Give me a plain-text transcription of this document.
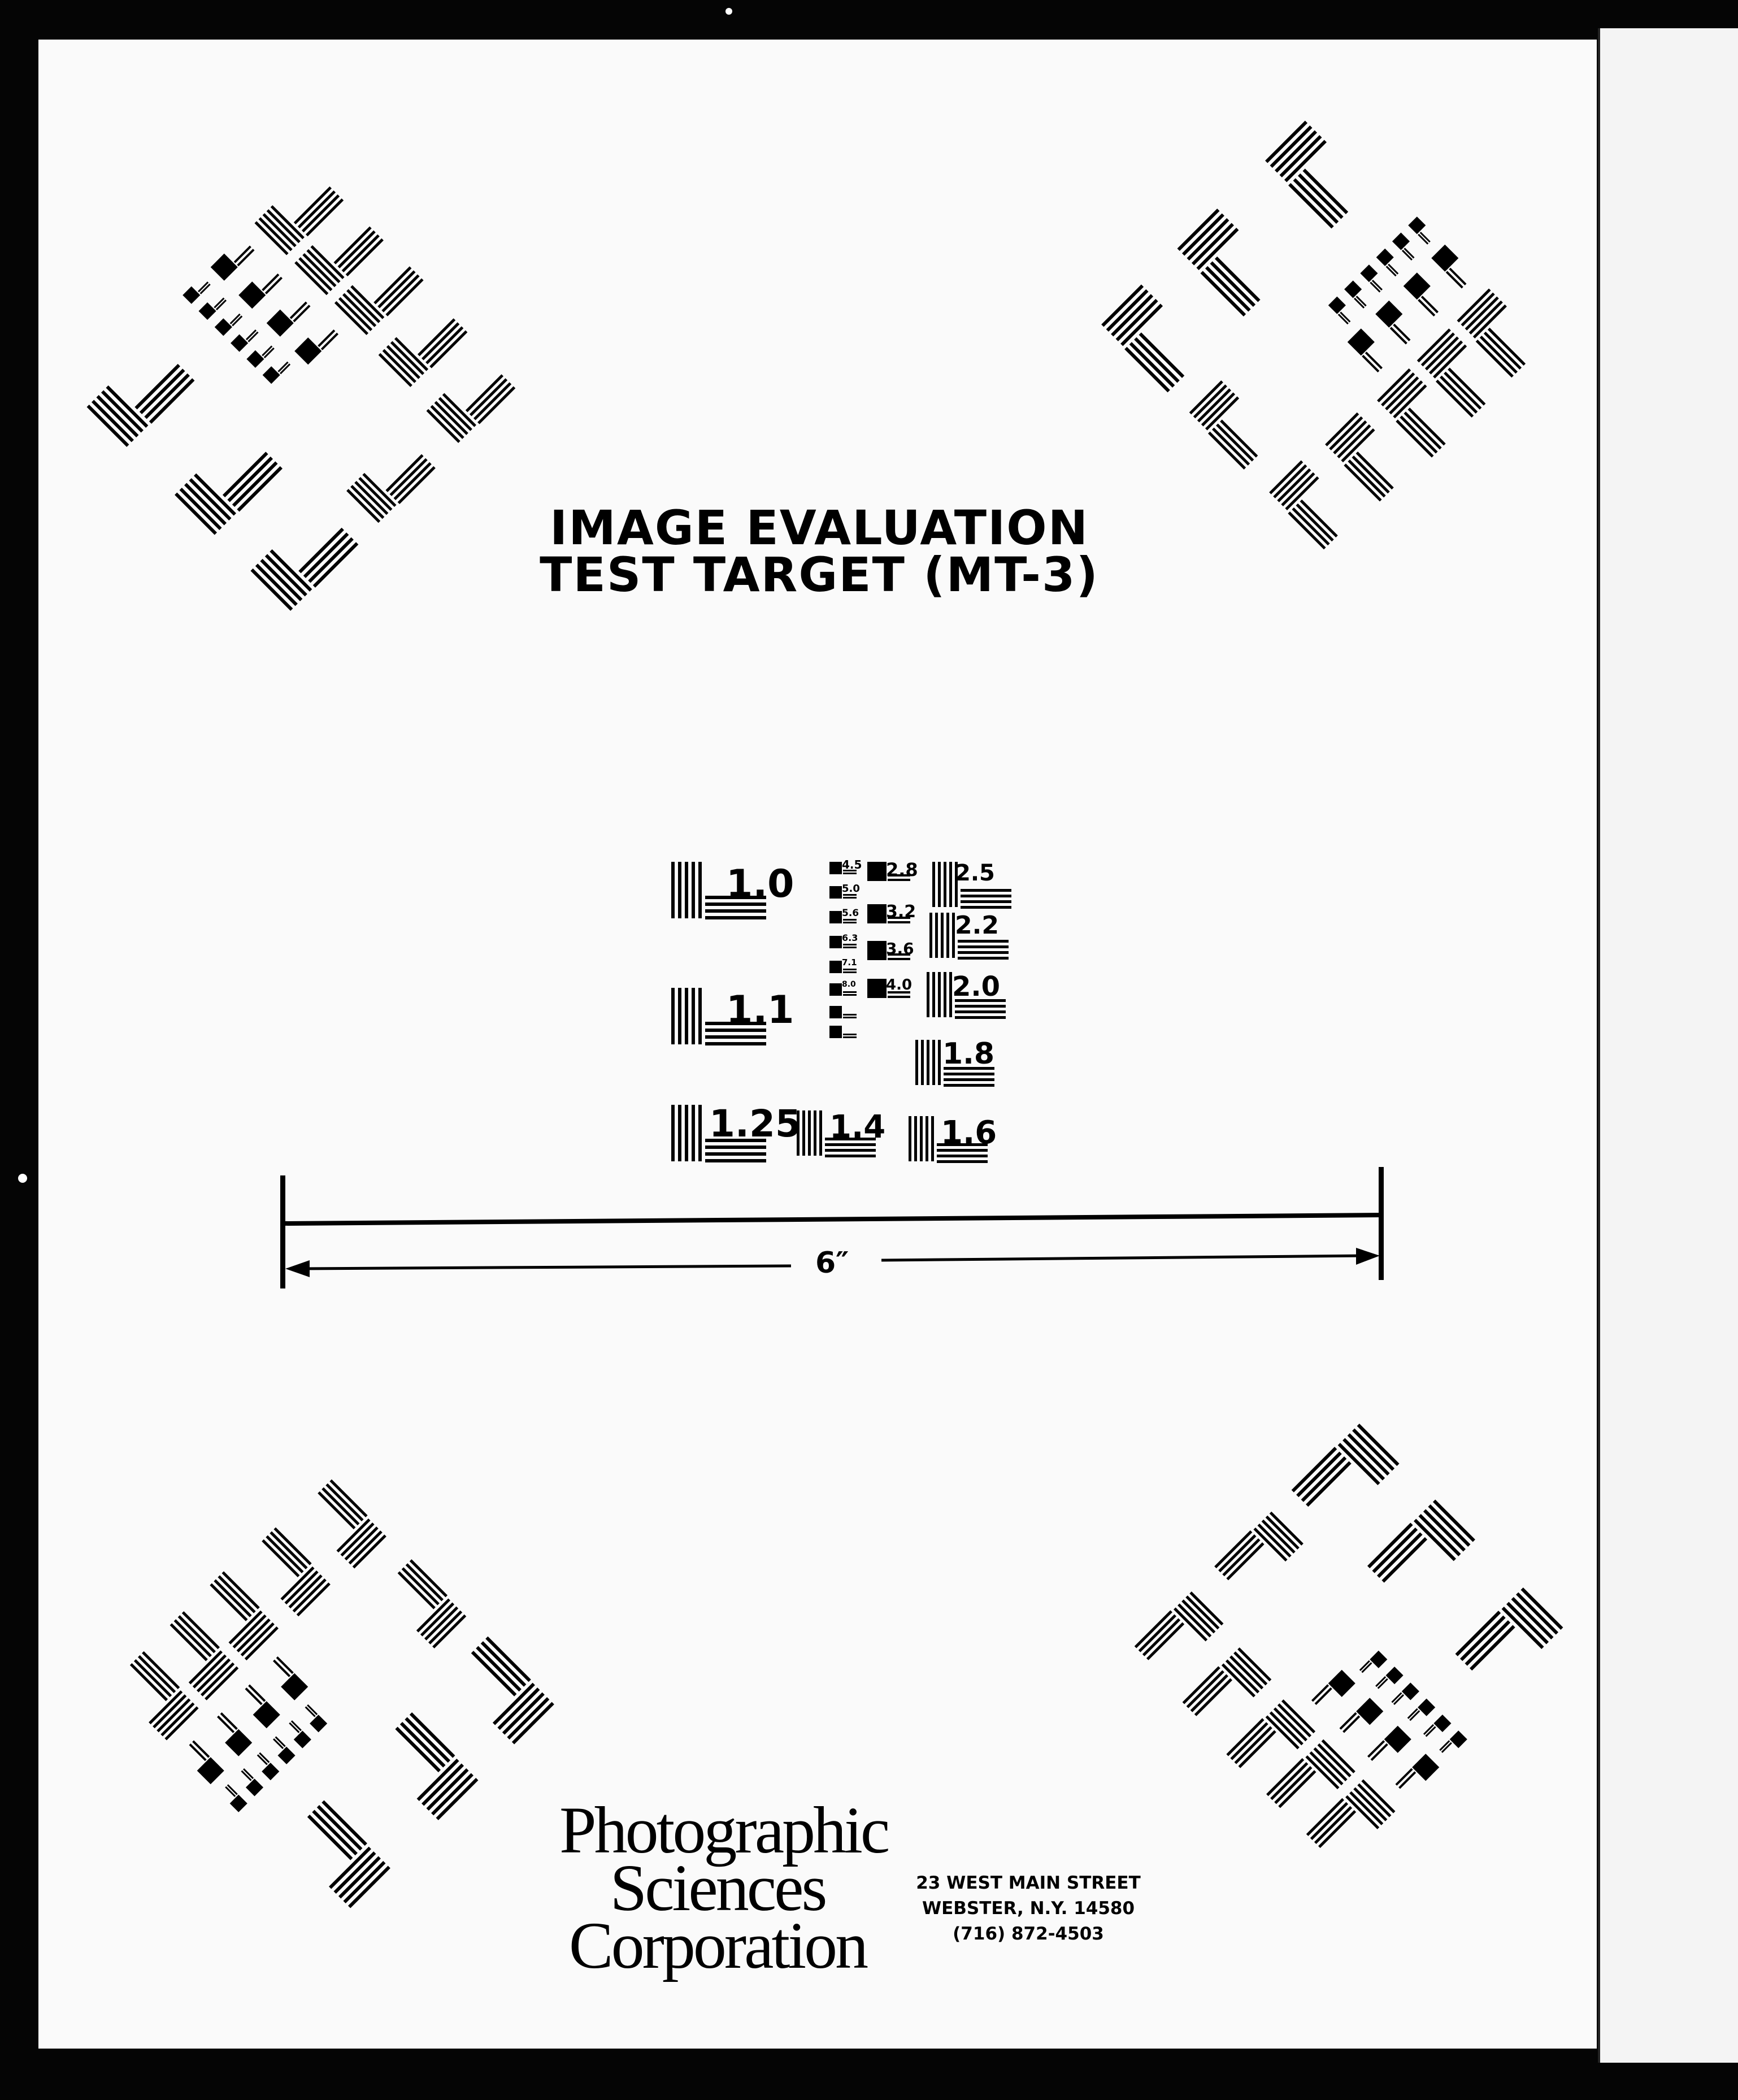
IMAGE EVALUATION
TEST TARGET (MT-3)
1.0
1.1
1.25 1.4 1.6
1.8
2.0
2.2
2.5
2.8
3.2
3.6
4.0
4.5
5.0
5.6
6.3
7.1
8.0
6″
Photographic
Sciences
Corporation
23 WEST MAIN STREET
WEBSTER, N.Y. 14580
(716) 872-4503
